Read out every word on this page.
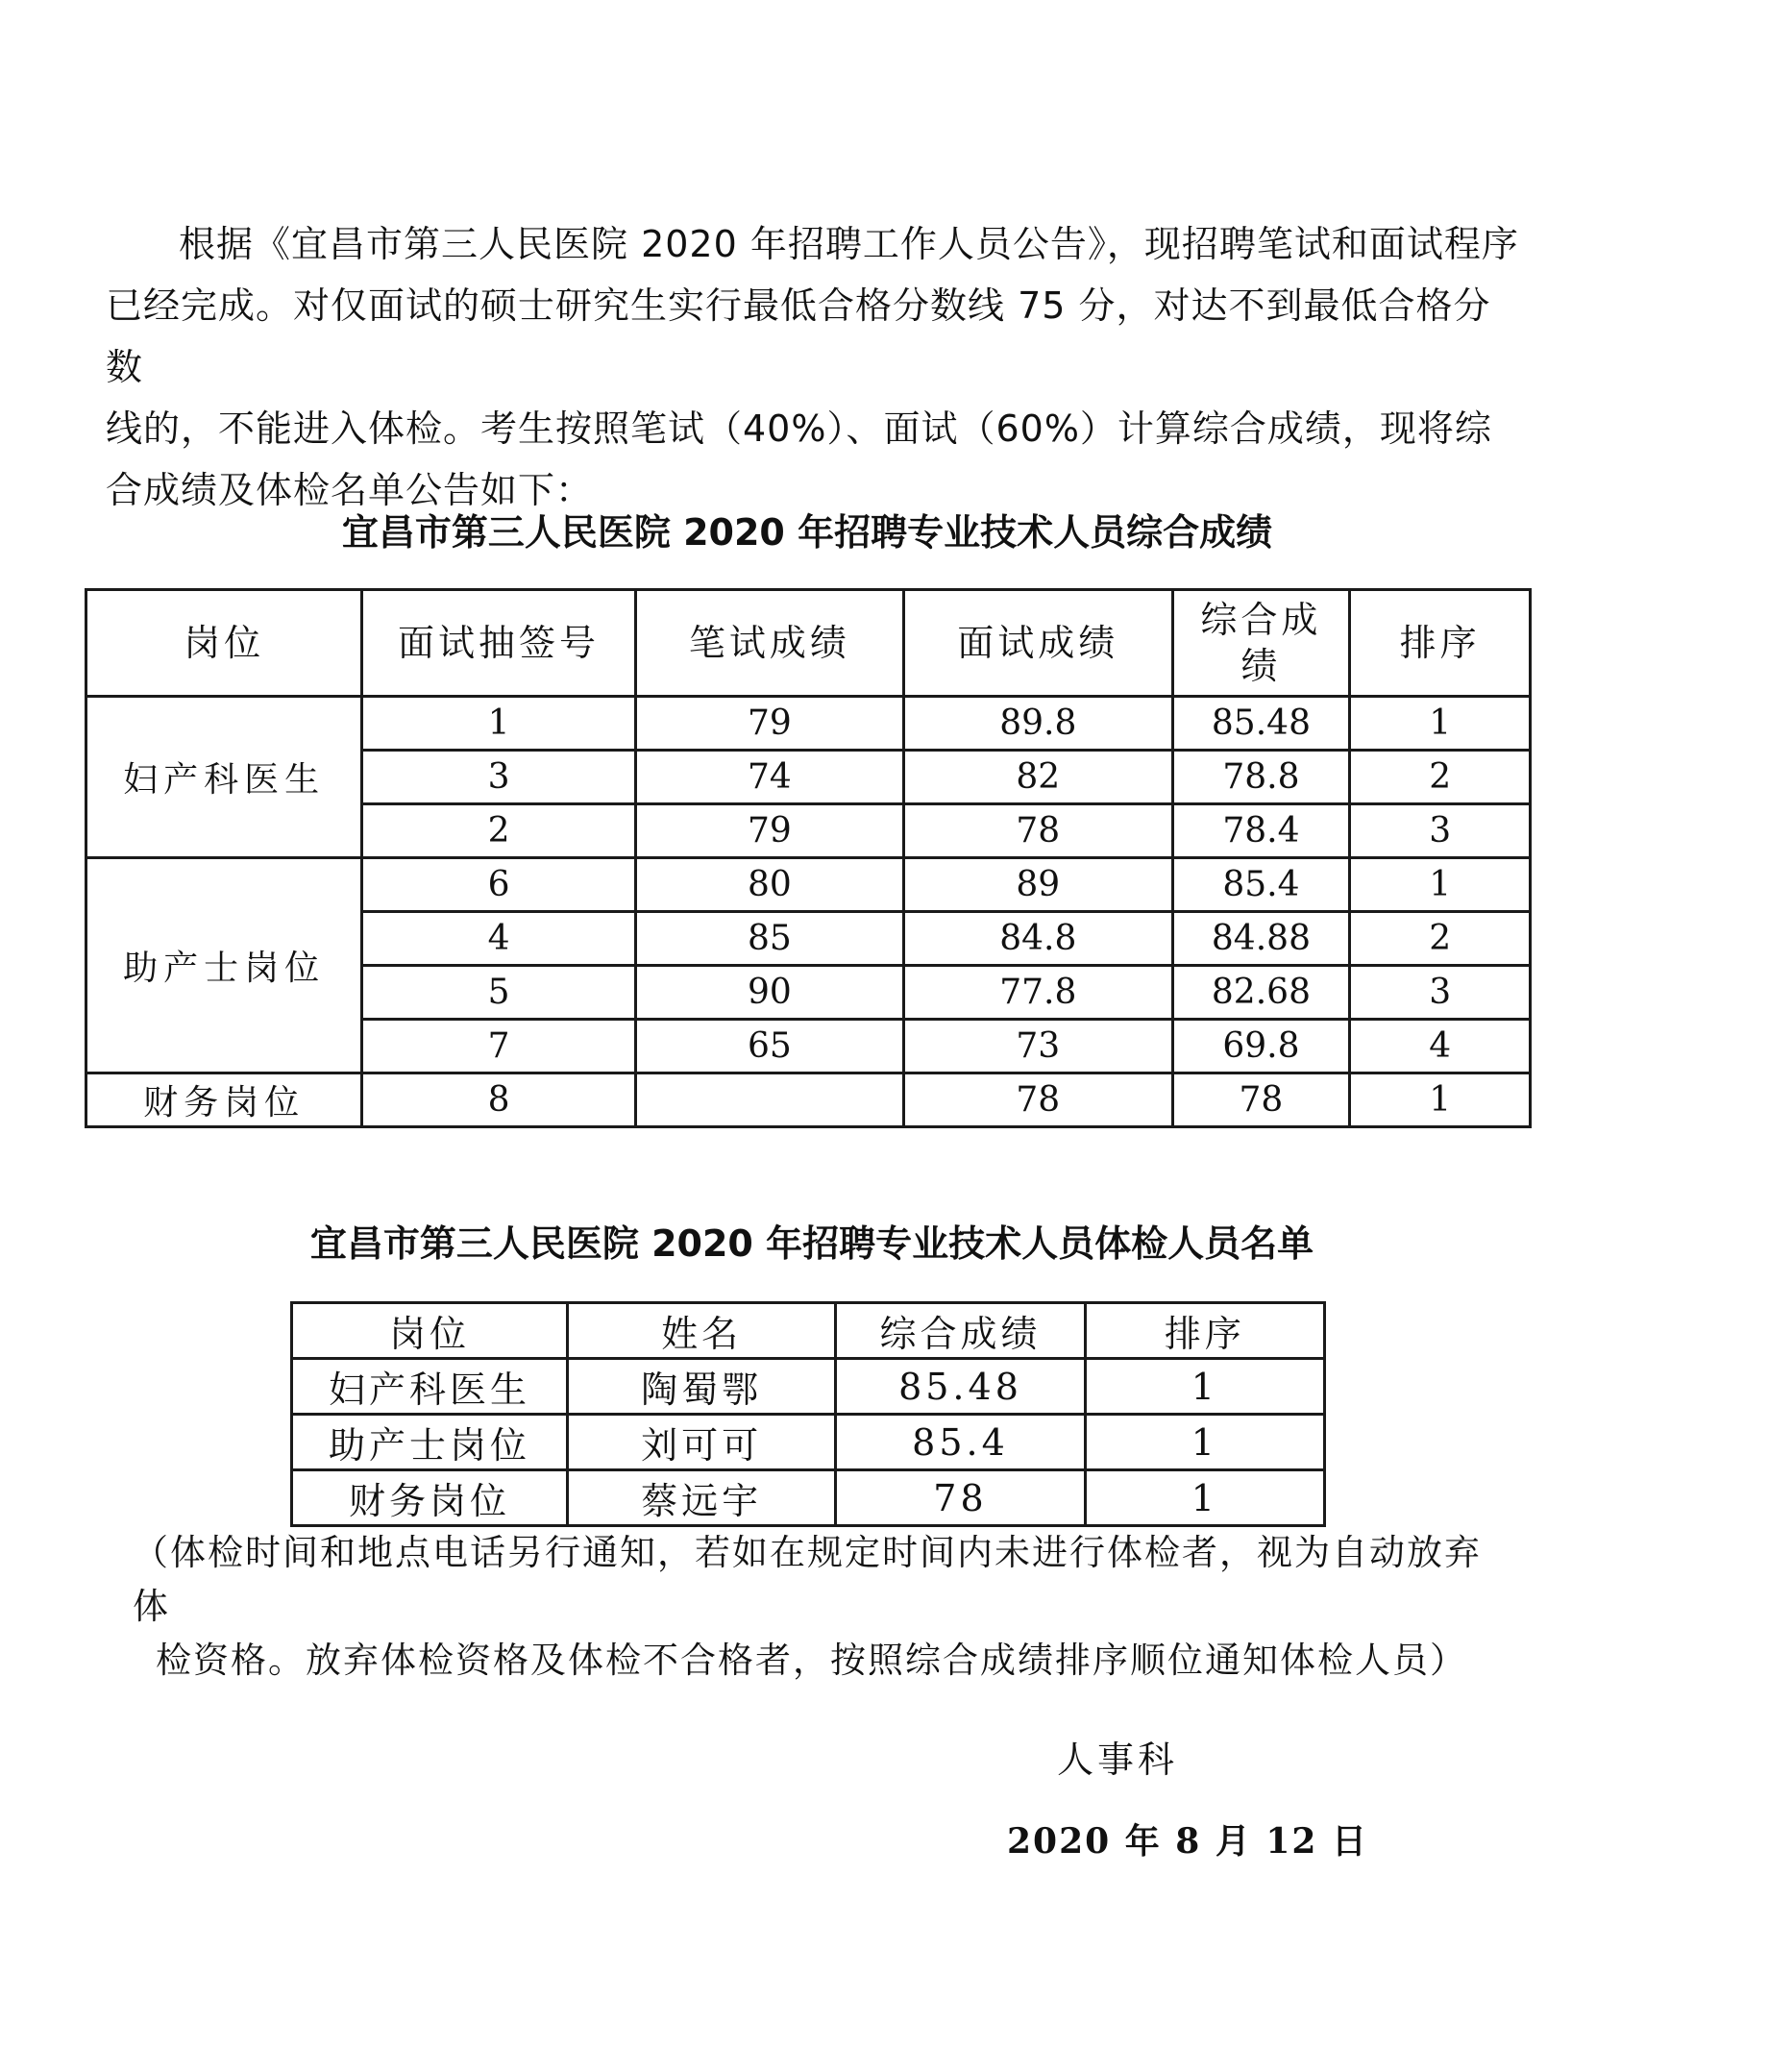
根据《宜昌市第三人民医院 2020 年招聘工作人员公告》，现招聘笔试和面试程序
已经完成。对仅面试的硕士研究生实行最低合格分数线 75 分，对达不到最低合格分数
线的，不能进入体检。考生按照笔试（40%）、面试（60%）计算综合成绩，现将综
合成绩及体检名单公告如下：

宜昌市第三人民医院 2020 年招聘专业技术人员综合成绩
岗位	面试抽签号	笔试成绩	面试成绩	综合成绩	排序
妇产科医生	1	79	89.8	85.48	1
	3	74	82	78.8	2
	2	79	78	78.4	3
助产士岗位	6	80	89	85.4	1
	4	85	84.8	84.88	2
	5	90	77.8	82.68	3
	7	65	73	69.8	4
财务岗位	8		78	78	1
宜昌市第三人民医院 2020 年招聘专业技术人员体检人员名单
岗位	姓名	综合成绩	排序
妇产科医生	陶蜀鄂	85.48	1
助产士岗位	刘可可	85.4	1
财务岗位	蔡远宇	78	1

（体检时间和地点电话另行通知，若如在规定时间内未进行体检者，视为自动放弃体
检资格。放弃体检资格及体检不合格者，按照综合成绩排序顺位通知体检人员）

人事科
2020 年 8 月 12 日
